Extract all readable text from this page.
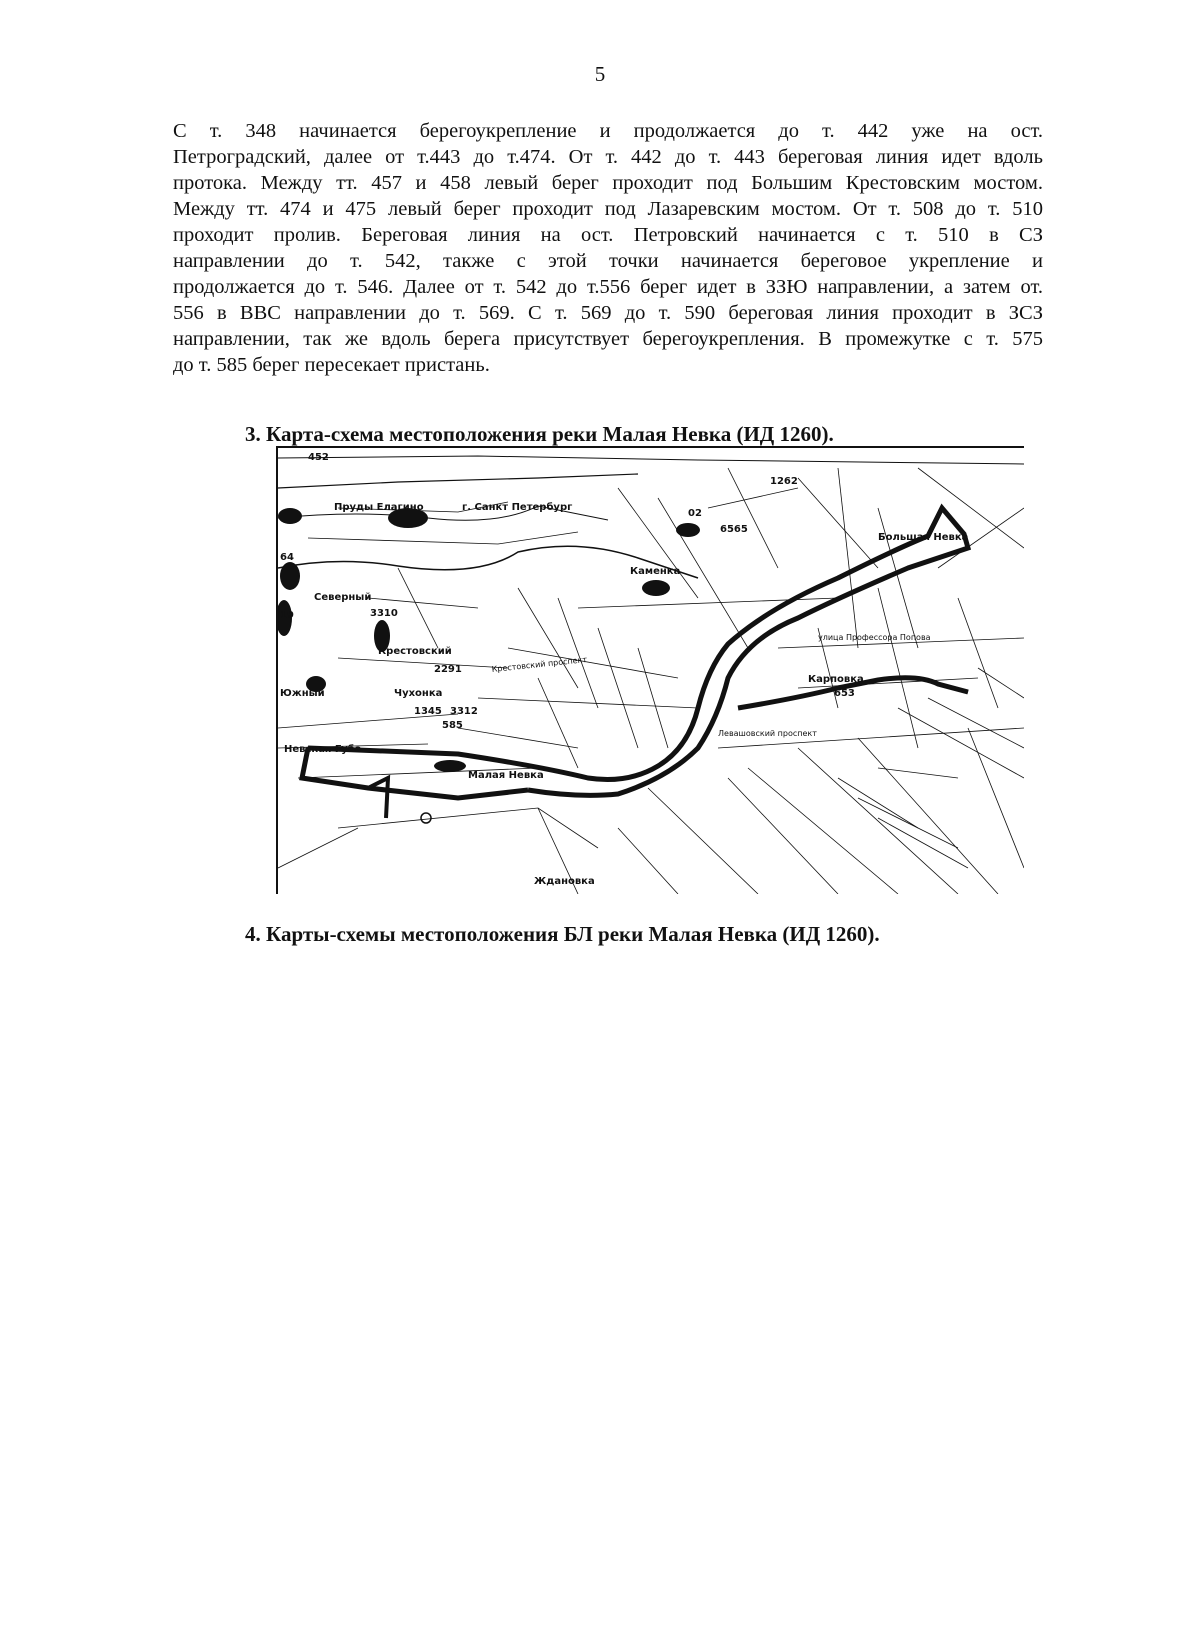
5
С т. 348 начинается берегоукрепление и продолжается до т. 442 уже на ост.
Петроградский, далее от т.443 до т.474. От т. 442 до т. 443 береговая линия идет вдоль
протока. Между тт. 457 и 458 левый берег проходит под Большим Крестовским мостом.
Между тт. 474 и 475 левый берег проходит под Лазаревским мостом. От т. 508 до т. 510
проходит пролив. Береговая линия на ост. Петровский начинается с т. 510 в СЗ
направлении до т. 542, также с этой точки начинается береговое укрепление и
продолжается до т. 546. Далее от т. 542 до т.556 берег идет в ЗЗЮ направлении, а затем от.
556 в ВВС направлении до т. 569. С т. 569 до т. 590 береговая линия проходит в ЗСЗ
направлении, так же вдоль берега присутствует берегоукрепления. В промежутке с т. 575
до т. 585 берег пересекает пристань.
3. Карта-схема местоположения реки Малая Невка (ИД 1260).
452
64
19
Пруды Елагино	г. Санкт Петербург
Северный
3310
Крестовский
2291
Южный	Чухонка
1345 3312
585
Невская Губа
Малая Невка
Карповка
653
1262
6565
02
Большая Невка
Каменка
Ждановка
Крестовский проспект
улица Профессора Попова
Левашовский проспект
4. Карты-схемы местоположения БЛ реки Малая Невка (ИД 1260).
